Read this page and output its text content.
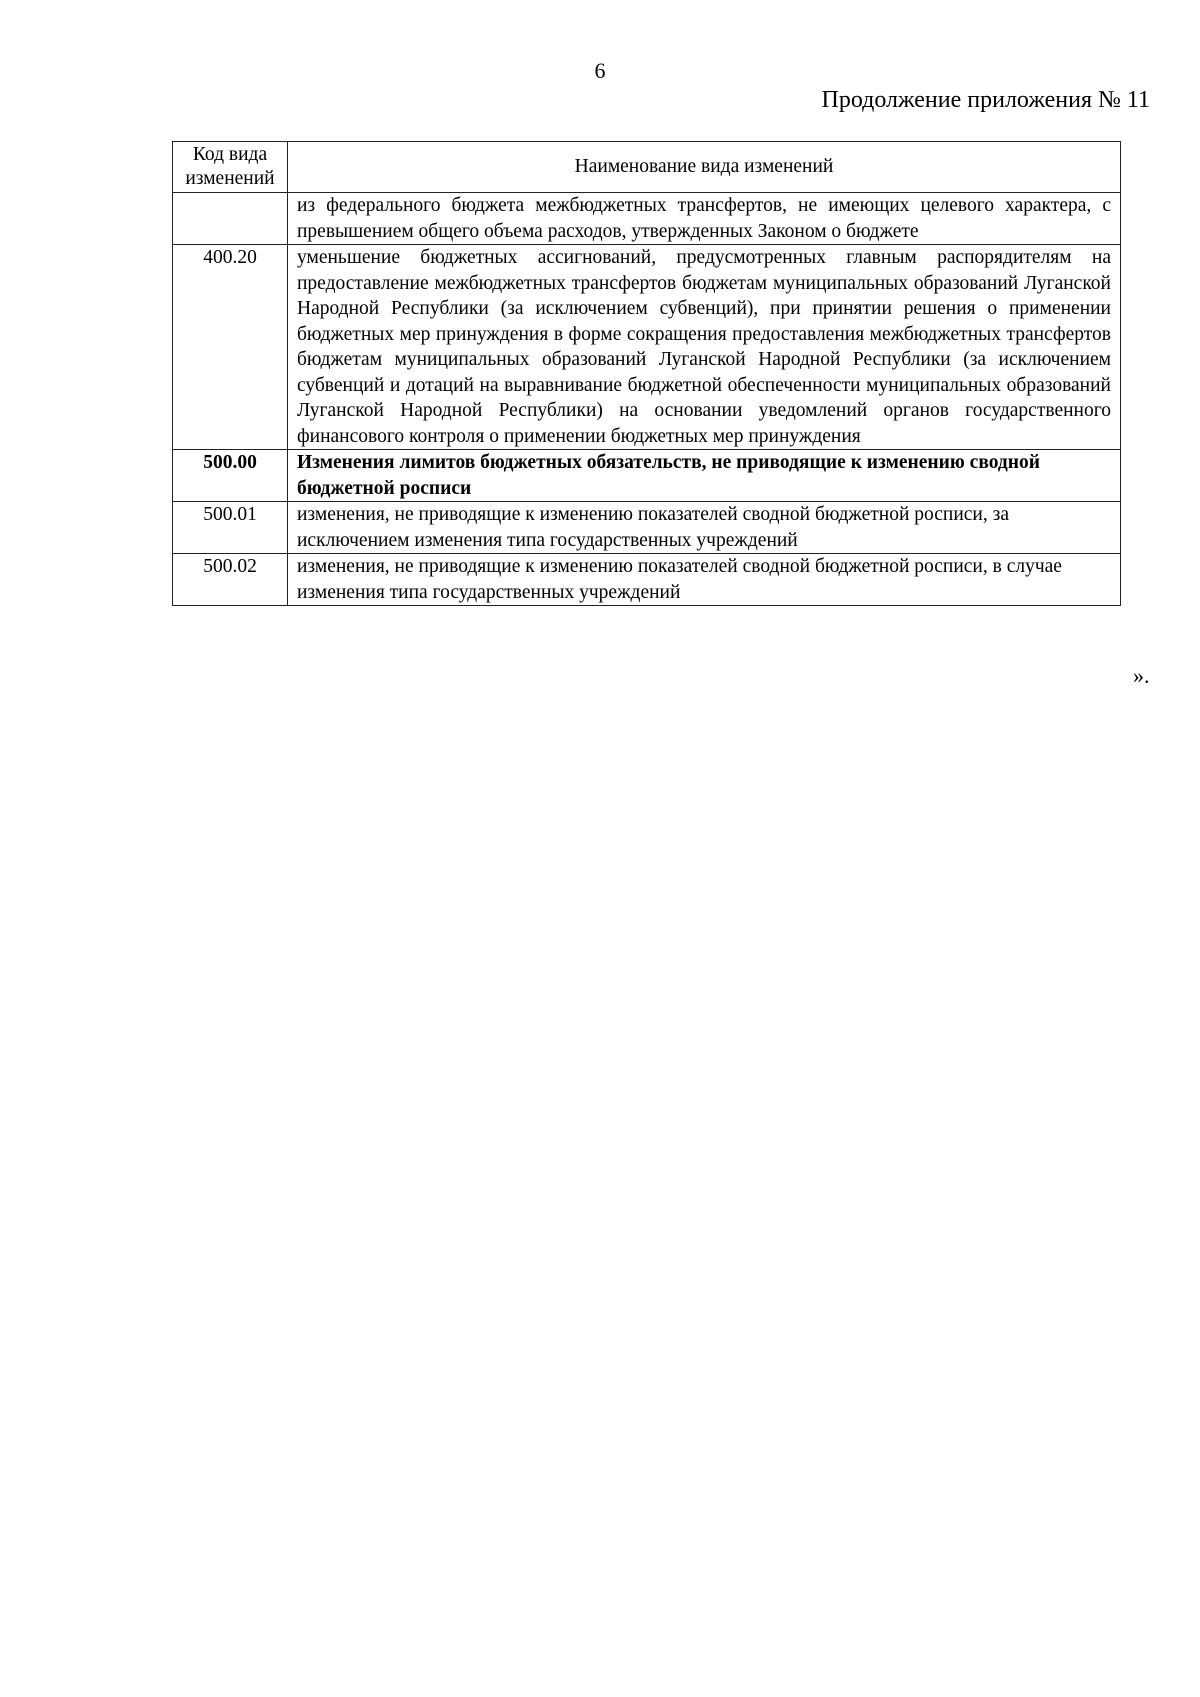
6
Продолжение приложения № 11
Код вида изменений	Наименование вида изменений
	из федерального бюджета межбюджетных трансфертов, не имеющих целевого характера, с превышением общего объема расходов, утвержденных Законом о бюджете
400.20	уменьшение бюджетных ассигнований, предусмотренных главным распорядителям на предоставление межбюджетных трансфертов бюджетам муниципальных образований Луганской Народной Республики (за исключением субвенций), при принятии решения о применении бюджетных мер принуждения в форме сокращения предоставления межбюджетных трансфертов бюджетам муниципальных образований Луганской Народной Республики (за исключением субвенций и дотаций на выравнивание бюджетной обеспеченности муниципальных образований Луганской Народной Республики) на основании уведомлений органов государственного финансового контроля о применении бюджетных мер принуждения
500.00	Изменения лимитов бюджетных обязательств, не приводящие к изменению сводной бюджетной росписи
500.01	изменения, не приводящие к изменению показателей сводной бюджетной росписи, за исключением изменения типа государственных учреждений
500.02	изменения, не приводящие к изменению показателей сводной бюджетной росписи, в случае изменения типа государственных учреждений
».
